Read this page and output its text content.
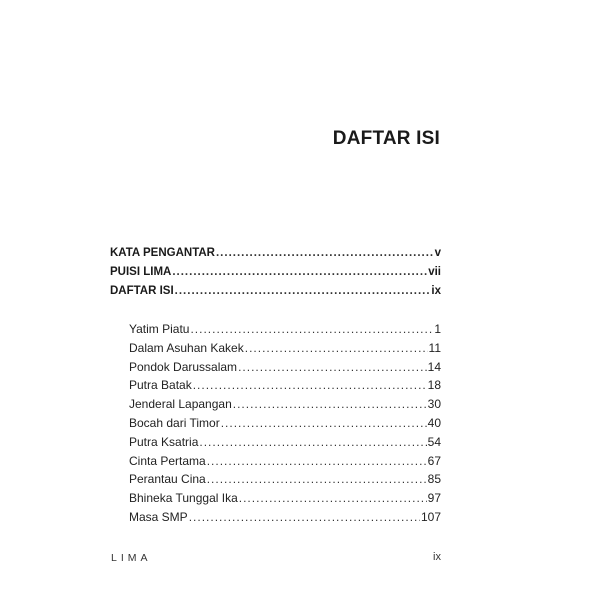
DAFTAR ISI
KATA PENGANTAR .....	v
PUISI LIMA .....	vii
DAFTAR ISI .....	ix
Yatim Piatu .....	1
Dalam Asuhan Kakek .....	11
Pondok Darussalam .....	14
Putra Batak .....	18
Jenderal Lapangan .....	30
Bocah dari Timor .....	40
Putra Ksatria .....	54
Cinta Pertama .....	67
Perantau Cina .....	85
Bhineka Tunggal Ika .....	97
Masa SMP .....	107
LIMA	ix
